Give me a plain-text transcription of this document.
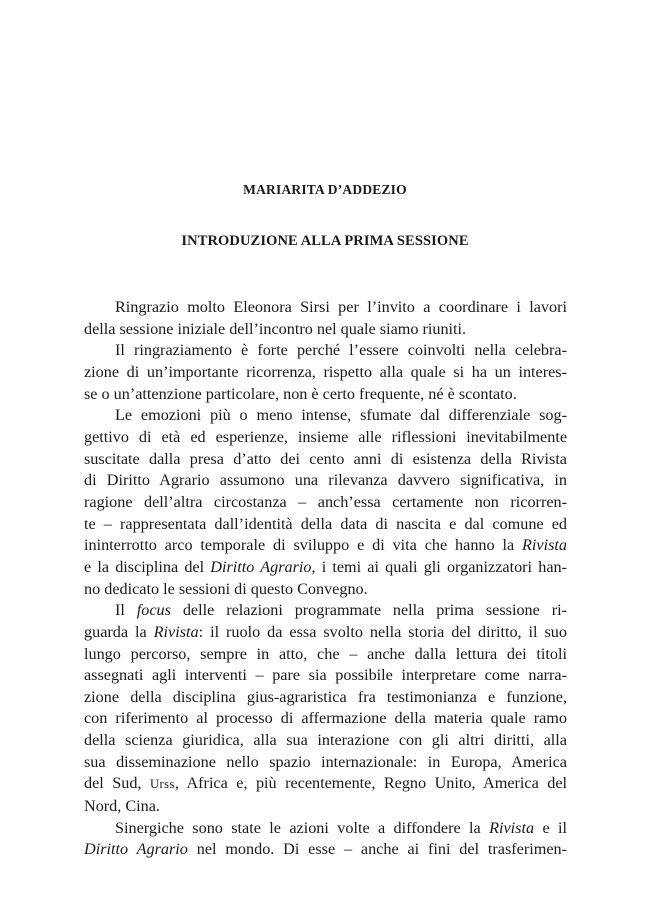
MARIARITA D’ADDEZIO
INTRODUZIONE ALLA PRIMA SESSIONE
Ringrazio molto Eleonora Sirsi per l’invito a coordinare i lavori
della sessione iniziale dell’incontro nel quale siamo riuniti.
Il ringraziamento è forte perché l’essere coinvolti nella celebra-
zione di un’importante ricorrenza, rispetto alla quale si ha un interes-
se o un’attenzione particolare, non è certo frequente, né è scontato.
Le emozioni più o meno intense, sfumate dal differenziale sog-
gettivo di età ed esperienze, insieme alle riflessioni inevitabilmente
suscitate dalla presa d’atto dei cento anni di esistenza della Rivista
di Diritto Agrario assumono una rilevanza davvero significativa, in
ragione dell’altra circostanza – anch’essa certamente non ricorren-
te – rappresentata dall’identità della data di nascita e dal comune ed
ininterrotto arco temporale di sviluppo e di vita che hanno la Rivista
e la disciplina del Diritto Agrario, i temi ai quali gli organizzatori han-
no dedicato le sessioni di questo Convegno.
Il focus delle relazioni programmate nella prima sessione ri-
guarda la Rivista: il ruolo da essa svolto nella storia del diritto, il suo
lungo percorso, sempre in atto, che – anche dalla lettura dei titoli
assegnati agli interventi – pare sia possibile interpretare come narra-
zione della disciplina gius-agraristica fra testimonianza e funzione,
con riferimento al processo di affermazione della materia quale ramo
della scienza giuridica, alla sua interazione con gli altri diritti, alla
sua disseminazione nello spazio internazionale: in Europa, America
del Sud, Urss, Africa e, più recentemente, Regno Unito, America del
Nord, Cina.
Sinergiche sono state le azioni volte a diffondere la Rivista e il
Diritto Agrario nel mondo. Di esse – anche ai fini del trasferimen-
